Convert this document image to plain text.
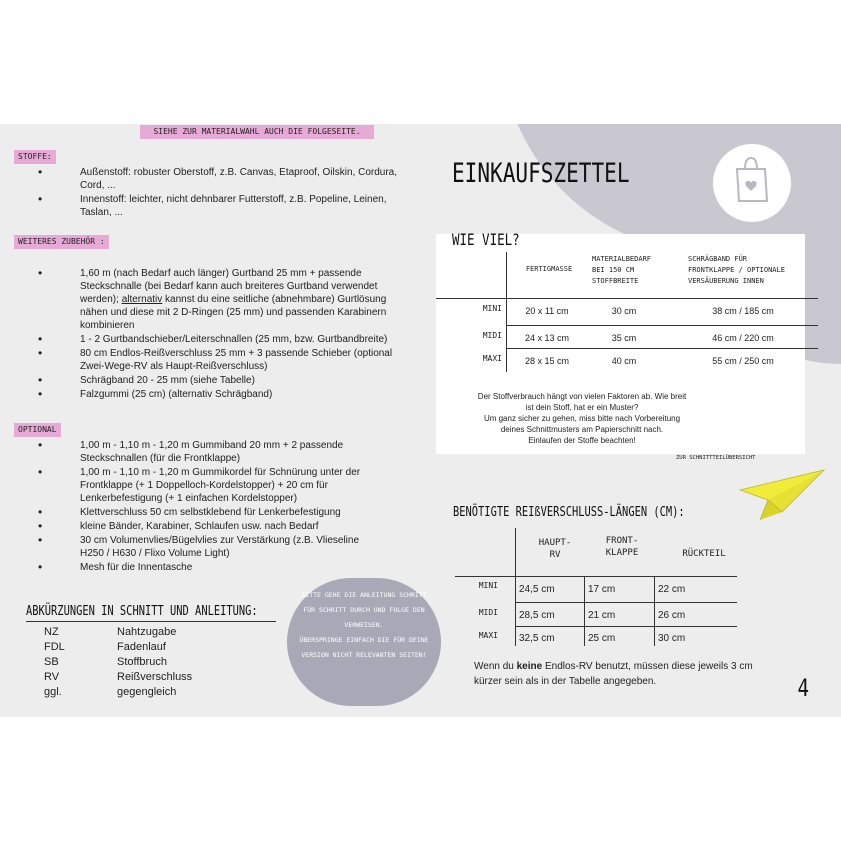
SIEHE ZUR MATERIALWAHL AUCH DIE FOLGESEITE.
STOFFE:
•	Außenstoff: robuster Oberstoff, z.B. Canvas, Etaproof, Oilskin, Cordura, Cord, ...
•	Innenstoff: leichter, nicht dehnbarer Futterstoff, z.B. Popeline, Leinen, Taslan, ...
WEITERES ZUBEHÖR :
•	1,60 m (nach Bedarf auch länger) Gurtband 25 mm + passende Steckschnalle (bei Bedarf kann auch breiteres Gurtband verwendet werden); alternativ kannst du eine seitliche (abnehmbare) Gurtlösung nähen und diese mit 2 D-Ringen (25 mm) und passenden Karabinern kombinieren
•	1 - 2 Gurtbandschieber/Leiterschnallen (25 mm, bzw. Gurtbandbreite)
•	80 cm Endlos-Reißverschluss 25 mm + 3 passende Schieber (optional Zwei-Wege-RV als Haupt-Reißverschluss)
•	Schrägband 20 - 25 mm (siehe Tabelle)
•	Falzgummi (25 cm) (alternativ Schrägband)
OPTIONAL
•	1,00 m - 1,10 m - 1,20 m Gummiband 20 mm + 2 passende Steckschnallen (für die Frontklappe)
•	1,00 m - 1,10 m - 1,20 m Gummikordel für Schnürung unter der Frontklappe (+ 1 Doppelloch-Kordelstopper) + 20 cm für Lenkerbefestigung (+ 1 einfachen Kordelstopper)
•	Klettverschluss 50 cm selbstklebend für Lenkerbefestigung
•	kleine Bänder, Karabiner, Schlaufen usw. nach Bedarf
•	30 cm Volumenvlies/Bügelvlies zur Verstärkung (z.B. Vlieseline H250 / H630 / Flixo Volume Light)
•	Mesh für die Innentasche
ABKÜRZUNGEN IN SCHNITT UND ANLEITUNG:
NZ	Nahtzugabe
FDL	Fadenlauf
SB	Stoffbruch
RV	Reißverschluss
ggl.	gegengleich
BITTE GEHE DIE ANLEITUNG SCHRITT
FÜR SCHRITT DURCH UND FOLGE DEN
VERWEISEN.
ÜBERSPRINGE EINFACH DIE FÜR DEINE
VERSION NICHT RELEVANTEN SEITEN!
EINKAUFSZETTEL
WIE VIEL?
FERTIGMASSE
MATERIALBEDARF
BEI 150 CM
STOFFBREITE
SCHRÄGBAND FÜR
FRONTKLAPPE / OPTIONALE
VERSÄUBERUNG INNEN
MINI	20 x 11 cm	30 cm	38 cm / 185 cm
MIDI	24 x 13 cm	35 cm	46 cm / 220 cm
MAXI	28 x 15 cm	40 cm	55 cm / 250 cm
Der Stoffverbrauch hängt von vielen Faktoren ab. Wie breit
ist dein Stoff, hat er ein Muster?
Um ganz sicher zu gehen, miss bitte nach Vorbereitung
deines Schnittmusters am Papierschnitt nach.
Einlaufen der Stoffe beachten!
ZUR SCHNITTTEILÜBERSICHT
BENÖTIGTE REIßVERSCHLUSS-LÄNGEN (CM):
HAUPT-
RV
FRONT-
KLAPPE	RÜCKTEIL
MINI 24,5 cm	17 cm	22 cm
MIDI 28,5 cm	21 cm	26 cm
MAXI 32,5 cm	25 cm	30 cm
Wenn du keine Endlos-RV benutzt, müssen diese jeweils 3 cm
kürzer sein als in der Tabelle angegeben.	4
